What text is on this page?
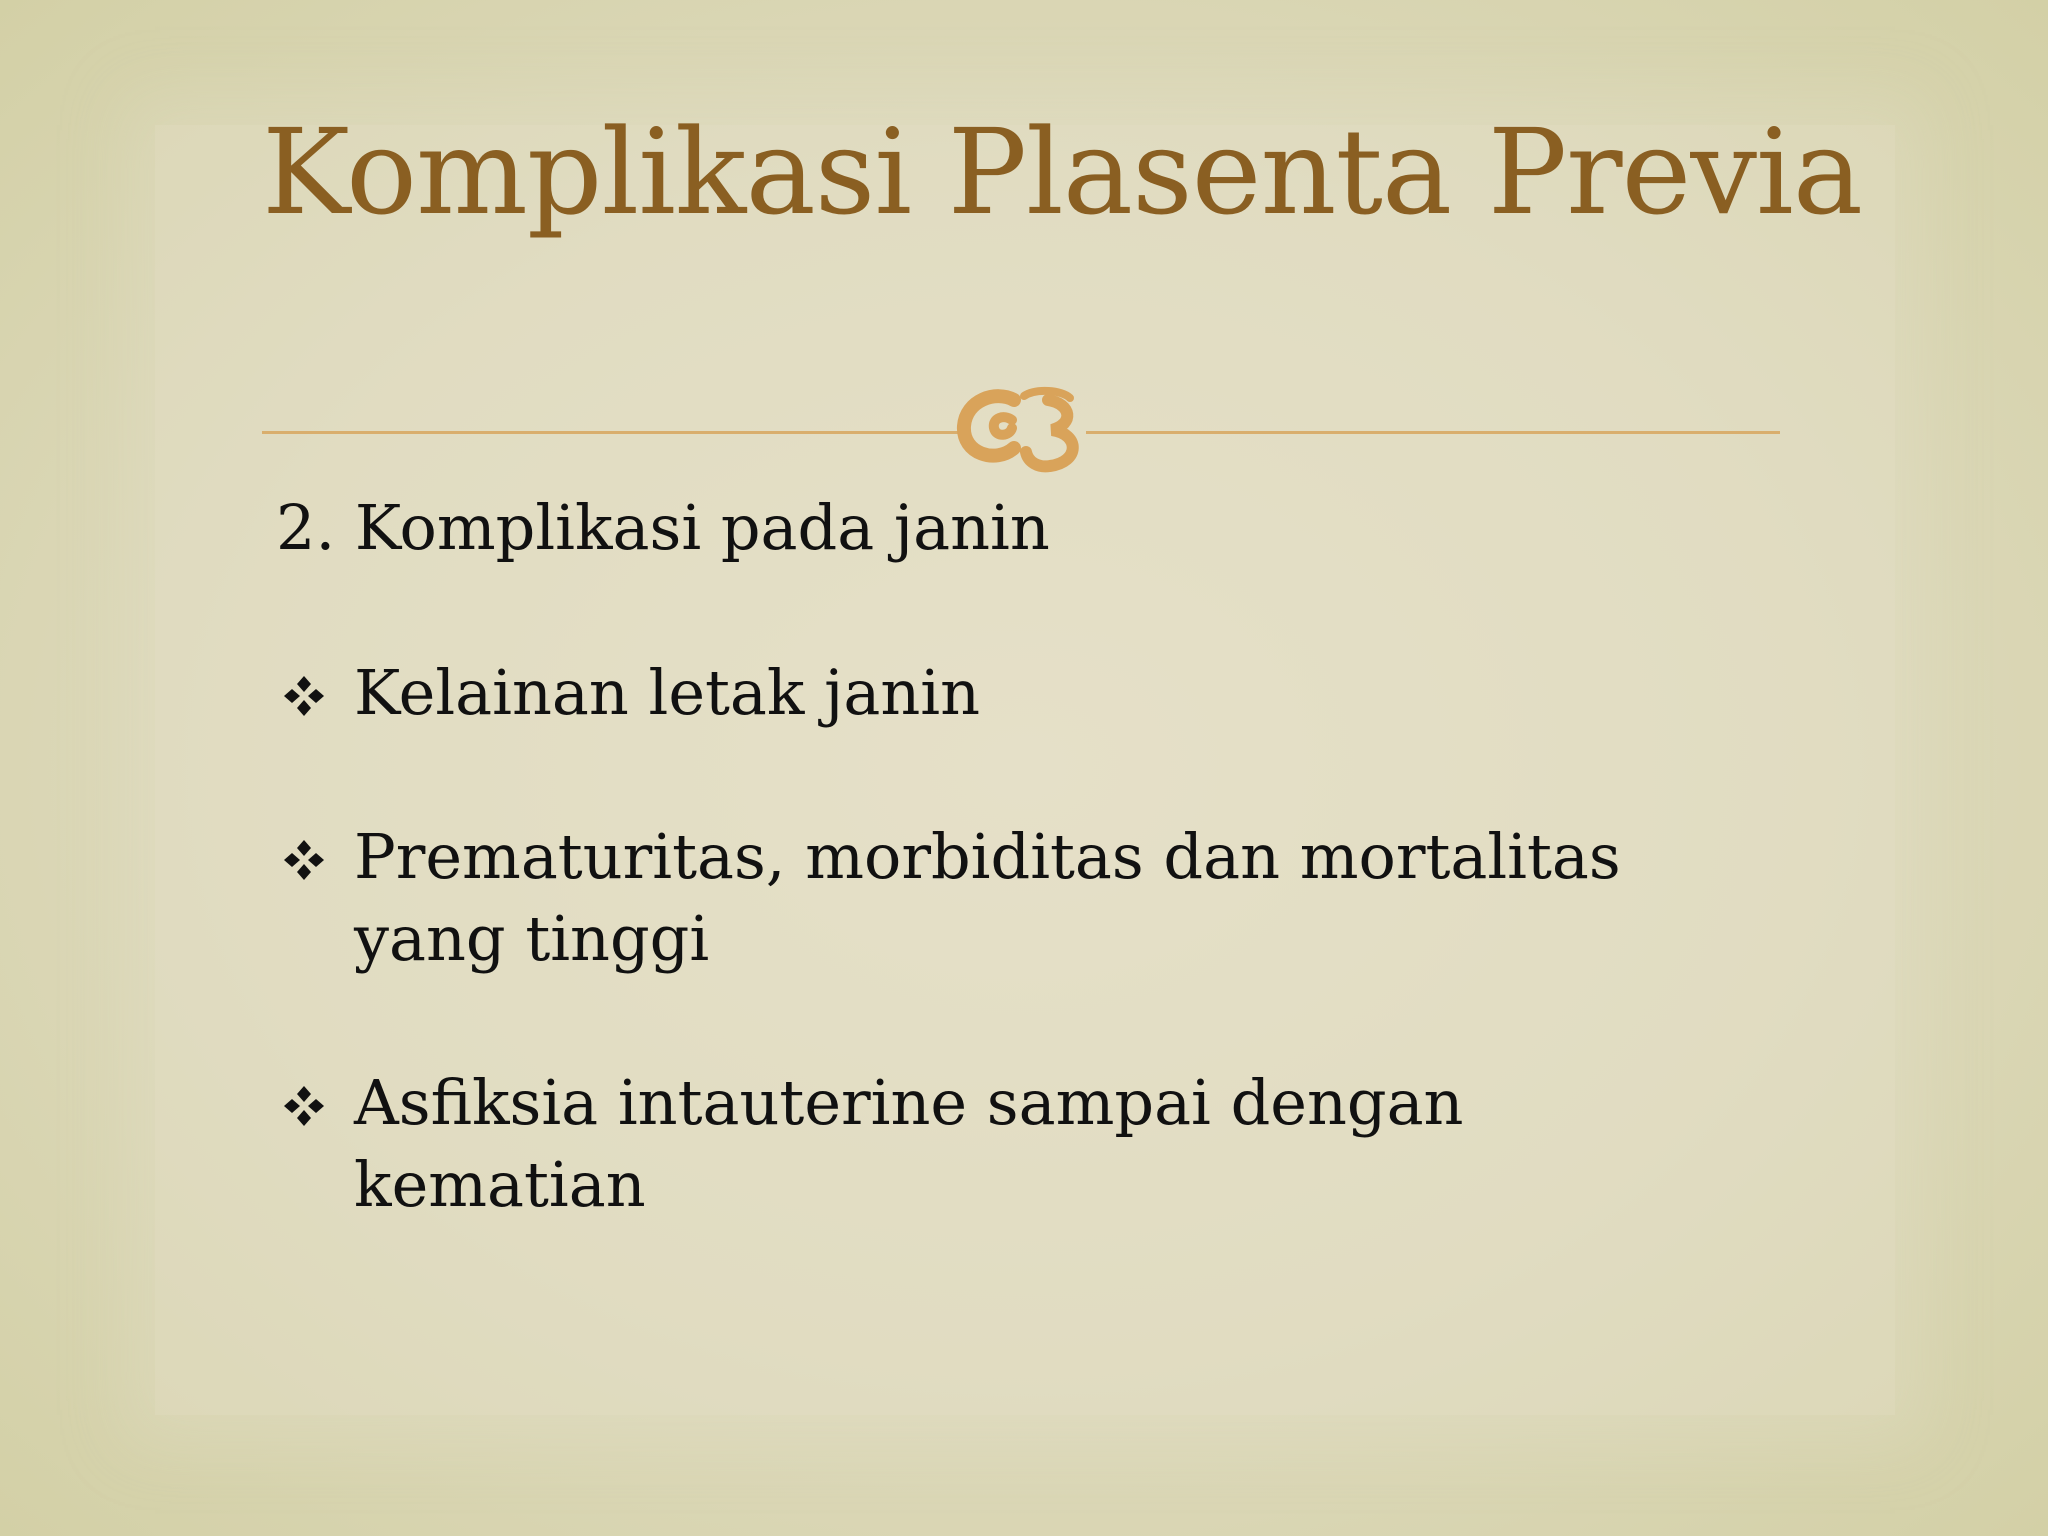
Komplikasi Plasenta Previa
2. Komplikasi pada janin
Kelainan letak janin
Prematuritas, morbiditas dan mortalitas yang tinggi
Asfiksia intauterine sampai dengan kematian
